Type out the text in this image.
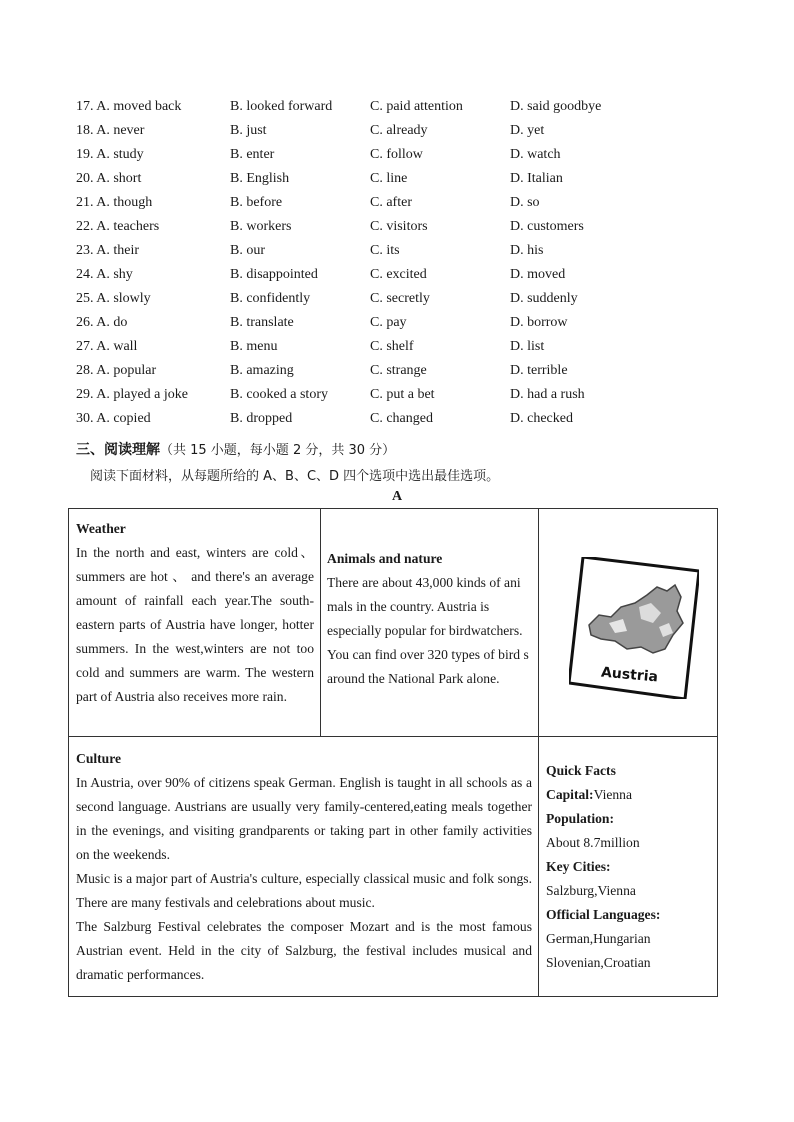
17. A. moved back	B. looked forward	C. paid attention	D. said goodbye
18. A. never	B. just	C. already	D. yet
19. A. study	B. enter	C. follow	D. watch
20. A. short	B. English	C. line	D. Italian
21. A. though	B. before	C. after	D. so
22. A. teachers	B. workers	C. visitors	D. customers
23. A. their	B. our	C. its	D. his
24. A. shy	B. disappointed	C. excited	D. moved
25. A. slowly	B. confidently	C. secretly	D. suddenly
26. A. do	B. translate	C. pay	D. borrow
27. A. wall	B. menu	C. shelf	D. list
28. A. popular	B. amazing	C. strange	D. terrible
29. A. played a joke	B. cooked a story	C. put a bet	D. had a rush
30. A. copied	B. dropped	C. changed	D. checked
三、阅读理解（共 15 小题，每小题 2 分，共 30 分）
阅读下面材料，从每题所给的 A、B、C、D 四个选项中选出最佳选项。
A
Weather

In the north and east, winters are cold、summers are hot 、 and there's an average amount of rainfall each year.The south-eastern parts of Austria have longer, hotter summers. In the west,winters are not too cold and summers are warm. The western part of Austria also receives more rain.

Animals and nature

There are about 43,000 kinds of ani mals in the country. Austria is especially popular for birdwatchers. You can find over 320 types of bird s around the National Park alone.	Austria
Culture

In Austria, over 90% of citizens speak German. English is taught in all schools as a second language. Austrians are usually very family-centered,eating meals together in the evenings, and visiting grandparents or taking part in other family activities on the weekends.

Music is a major part of Austria's culture, especially classical music and folk songs. There are many festivals and celebrations about music.

The Salzburg Festival celebrates the composer Mozart and is the most famous Austrian event. Held in the city of Salzburg, the festival includes musical and dramatic performances.

Quick Facts
Capital:Vienna
Population:
About 8.7million
Key Cities:
Salzburg,Vienna
Official Languages:
German,Hungarian
Slovenian,Croatian
